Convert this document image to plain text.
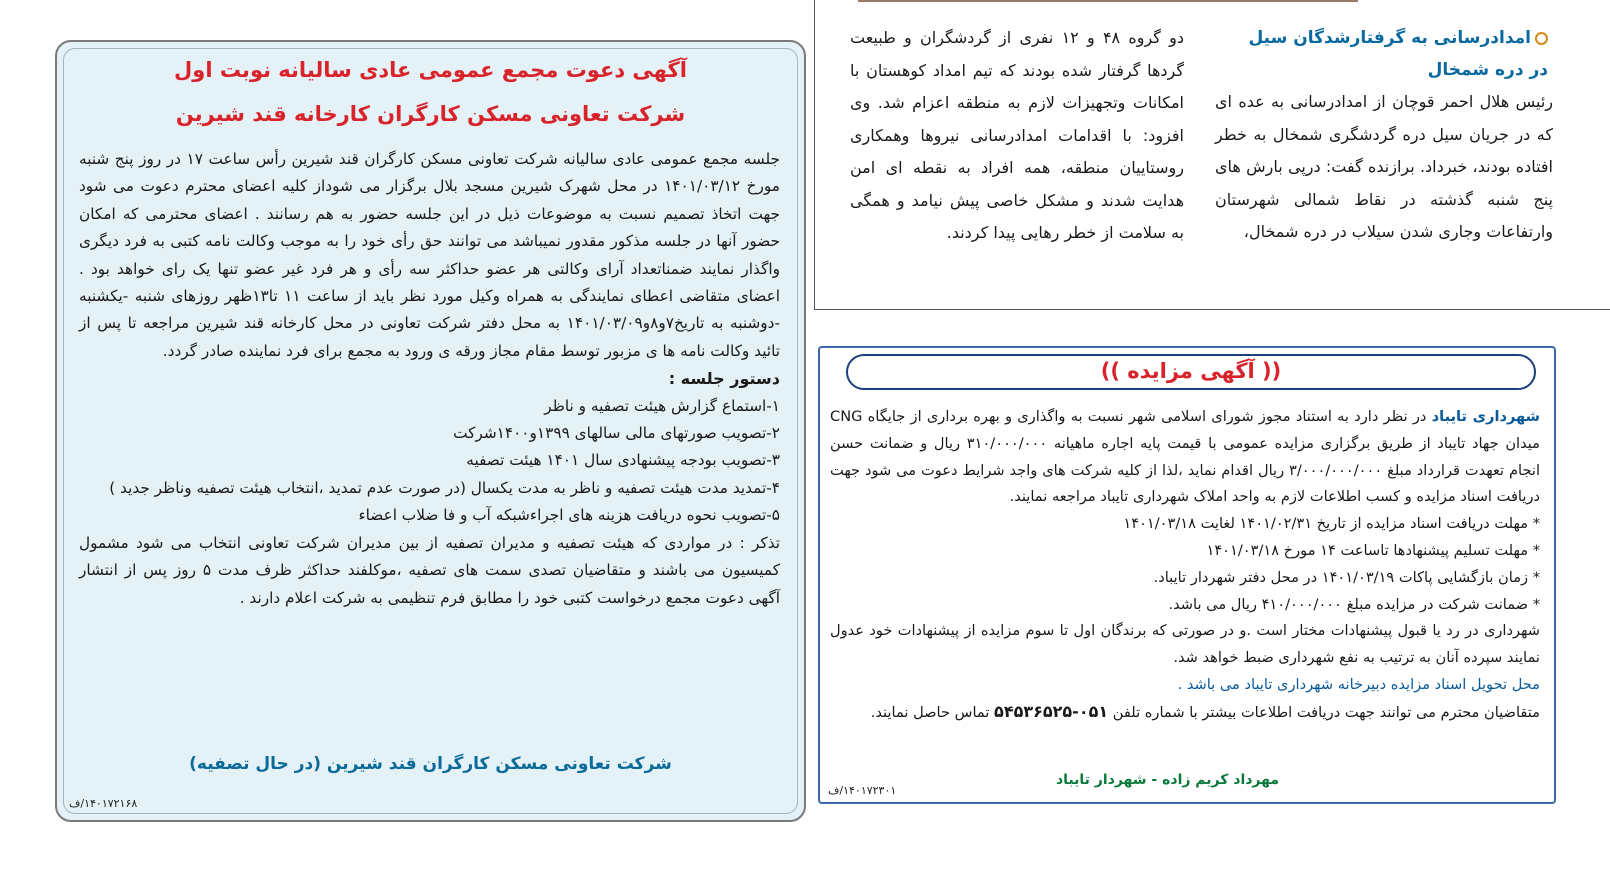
آگهی دعوت مجمع عمومی عادی سالیانه نوبت اول
شرکت تعاونی مسکن کارگران کارخانه قند شیرین

جلسه مجمع عمومی عادی سالیانه شرکت تعاونی مسکن کارگران قند شیرین رأس ساعت ۱۷ در روز پنج شنبه مورخ ۱۴۰۱/۰۳/۱۲ در محل شهرک شیرین مسجد بلال برگزار می شوداز کلیه اعضای محترم دعوت می شود جهت اتخاذ تصمیم نسبت به موضوعات ذیل در این جلسه حضور به هم رسانند . اعضای محترمی که امکان حضور آنها در جلسه مذکور مقدور نمیباشد می توانند حق رأی خود را به موجب وکالت نامه کتبی به فرد دیگری واگذار نمایند ضمناتعداد آرای وکالتی هر عضو حداکثر سه رأی و هر فرد غیر عضو تنها یک رای خواهد بود . اعضای متقاضی اعطای نمایندگی به همراه وکیل مورد نظر باید از ساعت ۱۱ تا۱۳ظهر روزهای شنبه -یکشنبه -دوشنبه به تاریخ۷و۸و۱۴۰۱/۰۳/۰۹ به محل دفتر شرکت تعاونی در محل کارخانه قند شیرین مراجعه تا پس از تائید وکالت نامه ها ی مزبور توسط مقام مجاز ورقه ی ورود به مجمع برای فرد نماینده صادر گردد.

دستور جلسه :

۱-استماع گزارش هیئت تصفیه و ناظر

۲-تصویب صورتهای مالی سالهای ۱۳۹۹و۱۴۰۰شرکت

۳-تصویب بودجه پیشنهادی سال ۱۴۰۱ هیئت تصفیه

۴-تمدید مدت هیئت تصفیه و ناظر به مدت یکسال (در صورت عدم تمدید ،انتخاب هیئت تصفیه وناظر جدید )

۵-تصویب نحوه دریافت هزینه های اجراءشبکه آب و فا ضلاب اعضاء

تذکر : در مواردی که هیئت تصفیه و مدیران تصفیه از بین مدیران شرکت تعاونی انتخاب می شود مشمول کمیسیون می باشند و متقاضیان تصدی سمت های تصفیه ،موکلفند حداکثر ظرف مدت ۵ روز پس از انتشار آگهی دعوت مجمع درخواست کتبی خود را مطابق فرم تنظیمی به شرکت اعلام دارند .

شرکت تعاونی مسکن کارگران قند شیرین (در حال تصفیه)
۱۴۰۱۷۲۱۶۸/ف
امدادرسانی به گرفتارشدگان سیل در دره شمخال
رئیس هلال احمر قوچان از امدادرسانی به عده ای که در جریان سیل دره گردشگری شمخال به خطر افتاده بودند، خبرداد. برازنده گفت: درپی بارش های پنج شنبه گذشته در نقاط شمالی شهرستان وارتفاعات وجاری شدن سیلاب در دره شمخال،
دو گروه ۴۸ و ۱۲ نفری از گردشگران و طبیعت گردها گرفتار شده بودند که تیم امداد کوهستان با امکانات وتجهیزات لازم به منطقه اعزام شد. وی افزود: با اقدامات امدادرسانی نیروها وهمکاری روستاییان منطقه، همه افراد به نقطه ای امن هدایت شدند و مشکل خاصی پیش نیامد و همگی به سلامت از خطر رهایی پیدا کردند.
(( آگهی مزایده ))

شهرداری تایباد در نظر دارد به استناد مجوز شورای اسلامی شهر نسبت به واگذاری و بهره برداری از جایگاه CNG میدان جهاد تایباد از طریق برگزاری مزایده عمومی با قیمت پایه اجاره ماهیانه ۳۱۰/۰۰۰/۰۰۰ ریال و ضمانت حسن انجام تعهدت قرارداد مبلغ ۳/۰۰۰/۰۰۰/۰۰۰ ریال اقدام نماید ،لذا از کلیه شرکت های واجد شرایط دعوت می شود جهت دریافت اسناد مزایده و کسب اطلاعات لازم به واحد املاک شهرداری تایباد مراجعه نمایند.

* مهلت دریافت اسناد مزایده از تاریخ ۱۴۰۱/۰۲/۳۱ لغایت ۱۴۰۱/۰۳/۱۸

* مهلت تسلیم پیشنهادها تاساعت ۱۴ مورخ ۱۴۰۱/۰۳/۱۸

* زمان بازگشایی پاکات ۱۴۰۱/۰۳/۱۹ در محل دفتر شهردار تایباد.

* ضمانت شرکت در مزایده مبلغ ۴۱۰/۰۰۰/۰۰۰ ریال می باشد.

شهرداری در رد یا قبول پیشنهادات مختار است .و در صورتی که برندگان اول تا سوم مزایده از پیشنهادات خود عدول نمایند سپرده آنان به ترتیب به نفع شهرداری ضبط خواهد شد.

محل تحویل اسناد مزایده دبیرخانه شهرداری تایباد می باشد .

متقاضیان محترم می توانند جهت دریافت اطلاعات بیشتر با شماره تلفن ۰۵۱-۵۴۵۳۶۵۲۵ تماس حاصل نمایند.

مهرداد کریم زاده - شهردار تایباد
۱۴۰۱۷۲۳۰۱/ف
